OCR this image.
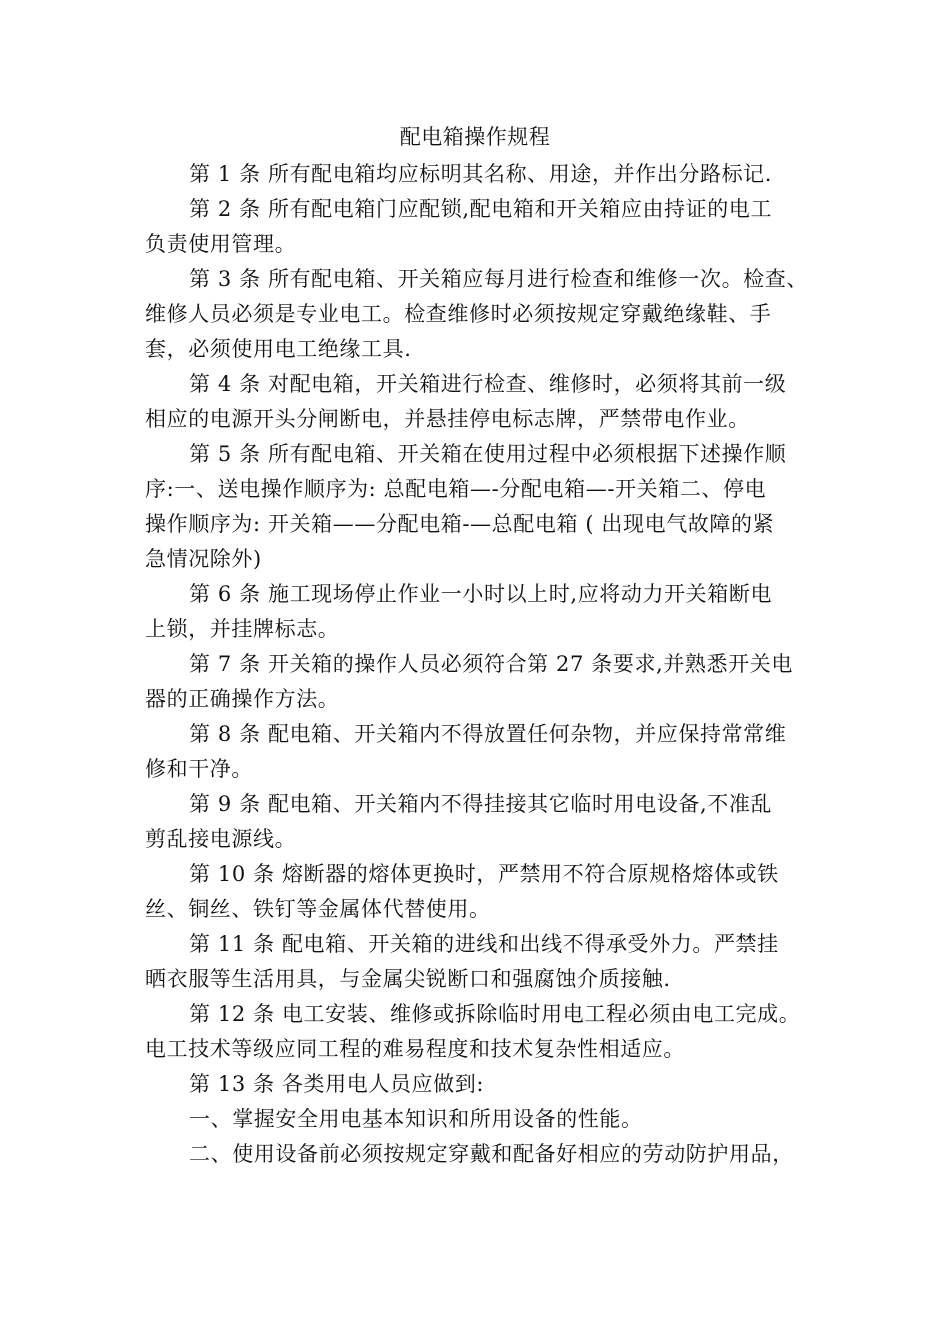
配电箱操作规程
第 1 条 所有配电箱均应标明其名称、用途，并作出分路标记.
第 2 条 所有配电箱门应配锁,配电箱和开关箱应由持证的电工
负责使用管理。
第 3 条 所有配电箱、开关箱应每月进行检查和维修一次。检查、
维修人员必须是专业电工。检查维修时必须按规定穿戴绝缘鞋、手
套，必须使用电工绝缘工具.
第 4 条 对配电箱，开关箱进行检查、维修时，必须将其前一级
相应的电源开头分闸断电，并悬挂停电标志牌，严禁带电作业。
第 5 条 所有配电箱、开关箱在使用过程中必须根据下述操作顺
序:一、送电操作顺序为: 总配电箱—-分配电箱—-开关箱二、停电
操作顺序为: 开关箱——分配电箱-—总配电箱 ( 出现电气故障的紧
急情况除外)
第 6 条 施工现场停止作业一小时以上时,应将动力开关箱断电
上锁，并挂牌标志。
第 7 条 开关箱的操作人员必须符合第 27 条要求,并熟悉开关电
器的正确操作方法。
第 8 条 配电箱、开关箱内不得放置任何杂物，并应保持常常维
修和干净。
第 9 条 配电箱、开关箱内不得挂接其它临时用电设备,不准乱
剪乱接电源线。
第 10 条 熔断器的熔体更换时，严禁用不符合原规格熔体或铁
丝、铜丝、铁钉等金属体代替使用。
第 11 条 配电箱、开关箱的进线和出线不得承受外力。严禁挂
晒衣服等生活用具，与金属尖锐断口和强腐蚀介质接触.
第 12 条 电工安装、维修或拆除临时用电工程必须由电工完成。
电工技术等级应同工程的难易程度和技术复杂性相适应。
第 13 条 各类用电人员应做到:
一、掌握安全用电基本知识和所用设备的性能。
二、使用设备前必须按规定穿戴和配备好相应的劳动防护用品，
